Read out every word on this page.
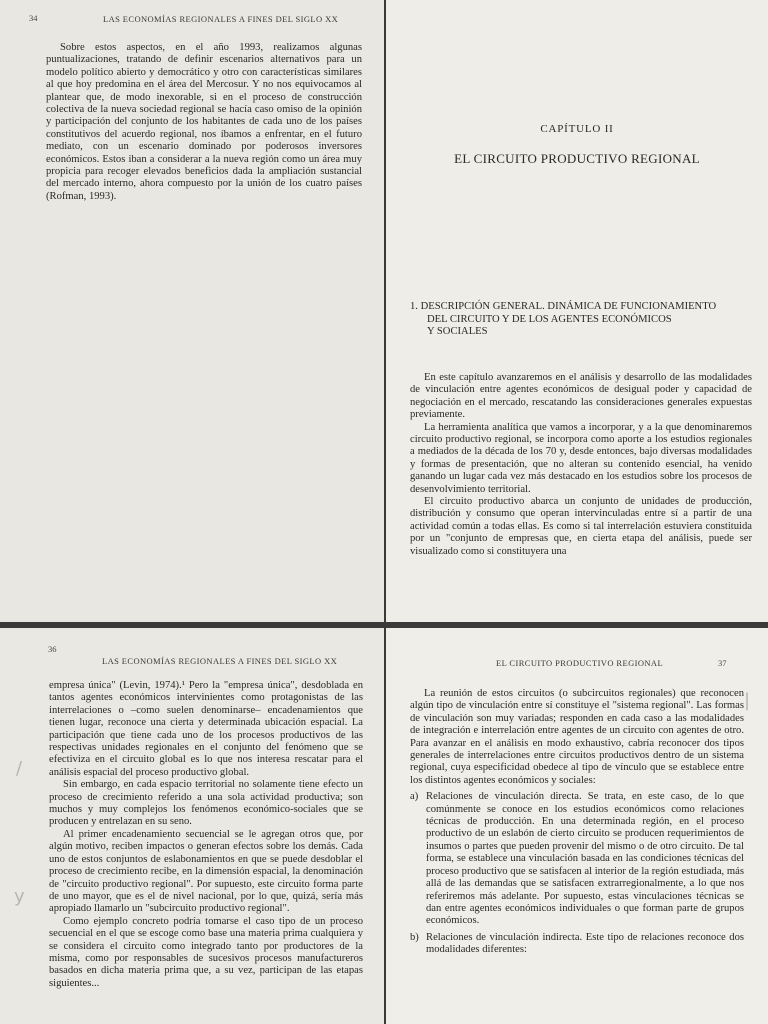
34	LAS ECONOMÍAS REGIONALES A FINES DEL SIGLO XX

Sobre estos aspectos, en el año 1993, realizamos algunas puntualizaciones, tratando de definir escenarios alternativos para un modelo político abierto y democrático y otro con características similares al que hoy predomina en el área del Mercosur. Y no nos equivocamos al plantear que, de modo inexorable, si en el proceso de construcción colectiva de la nueva sociedad regional se hacía caso omiso de la opinión y participación del conjunto de los habitantes de cada uno de los países constitutivos del acuerdo regional, nos íbamos a enfrentar, en el futuro mediato, con un escenario dominado por poderosos inversores económicos. Estos iban a considerar a la nueva región como un área muy propicia para recoger elevados beneficios dada la ampliación sustancial del mercado interno, ahora compuesto por la unión de los cuatro países (Rofman, 1993).

CAPÍTULO II
EL CIRCUITO PRODUCTIVO REGIONAL
1. DESCRIPCIÓN GENERAL. DINÁMICA DE FUNCIONAMIENTO
DEL CIRCUITO Y DE LOS AGENTES ECONÓMICOS
Y SOCIALES

En este capítulo avanzaremos en el análisis y desarrollo de las modalidades de vinculación entre agentes económicos de desigual poder y capacidad de negociación en el mercado, rescatando las consideraciones generales expuestas previamente.

La herramienta analítica que vamos a incorporar, y a la que denominaremos circuito productivo regional, se incorpora como aporte a los estudios regionales a mediados de la década de los 70 y, desde entonces, bajo diversas modalidades y formas de presentación, que no alteran su contenido esencial, ha venido ganando un lugar cada vez más destacado en los estudios sobre los procesos de desenvolvimiento territorial.

El circuito productivo abarca un conjunto de unidades de producción, distribución y consumo que operan intervinculadas entre sí a partir de una actividad común a todas ellas. Es como si tal interrelación estuviera constituida por un "conjunto de empresas que, en cierta etapa del análisis, puede ser visualizado como si constituyera una

36
LAS ECONOMÍAS REGIONALES A FINES DEL SIGLO XX

empresa única" (Levin, 1974).¹ Pero la "empresa única", desdoblada en tantos agentes económicos intervinientes como protagonistas de las interrelaciones o –como suelen denominarse– encadenamientos que tienen lugar, reconoce una cierta y determinada ubicación espacial. La participación que tiene cada uno de los procesos productivos de las respectivas unidades regionales en el conjunto del fenómeno que se efectiviza en el circuito global es lo que nos interesa rescatar para el análisis espacial del proceso productivo global.

Sin embargo, en cada espacio territorial no solamente tiene efecto un proceso de crecimiento referido a una sola actividad productiva; son muchos y muy complejos los fenómenos económico-sociales que se producen y entrelazan en su seno.

Al primer encadenamiento secuencial se le agregan otros que, por algún motivo, reciben impactos o generan efectos sobre los demás. Cada uno de estos conjuntos de eslabonamientos en que se puede desdoblar el proceso de crecimiento recibe, en la dimensión espacial, la denominación de "circuito productivo regional". Por supuesto, este circuito forma parte de uno mayor, que es el de nivel nacional, por lo que, quizá, sería más apropiado llamarlo un "subcircuito productivo regional".

Como ejemplo concreto podría tomarse el caso tipo de un proceso secuencial en el que se escoge como base una materia prima cualquiera y se considera el circuito como integrado tanto por productores de la misma, como por responsables de sucesivos procesos manufactureros basados en dicha materia prima que, a su vez, participan de las etapas siguientes...

/
y
EL CIRCUITO PRODUCTIVO REGIONAL	37

La reunión de estos circuitos (o subcircuitos regionales) que reconocen algún tipo de vinculación entre sí constituye el "sistema regional". Las formas de vinculación son muy variadas; responden en cada caso a las modalidades de integración e interrelación entre agentes de un circuito con agentes de otro. Para avanzar en el análisis en modo exhaustivo, cabría reconocer dos tipos generales de interrelaciones entre circuitos productivos dentro de un sistema regional, cuya especificidad obedece al tipo de vínculo que se establece entre los distintos agentes económicos y sociales:

a) Relaciones de vinculación directa. Se trata, en este caso, de lo que comúnmente se conoce en los estudios económicos como relaciones técnicas de producción. En una determinada región, en el proceso productivo de un eslabón de cierto circuito se producen requerimientos de insumos o partes que pueden provenir del mismo o de otro circuito. De tal forma, se establece una vinculación basada en las condiciones técnicas del proceso productivo que se satisfacen al interior de la región estudiada, más allá de las demandas que se satisfacen extrarregionalmente, a lo que nos referiremos más adelante. Por supuesto, estas vinculaciones técnicas se dan entre agentes económicos individuales o que forman parte de grupos económicos.
b) Relaciones de vinculación indirecta. Este tipo de relaciones reconoce dos modalidades diferentes:
|
